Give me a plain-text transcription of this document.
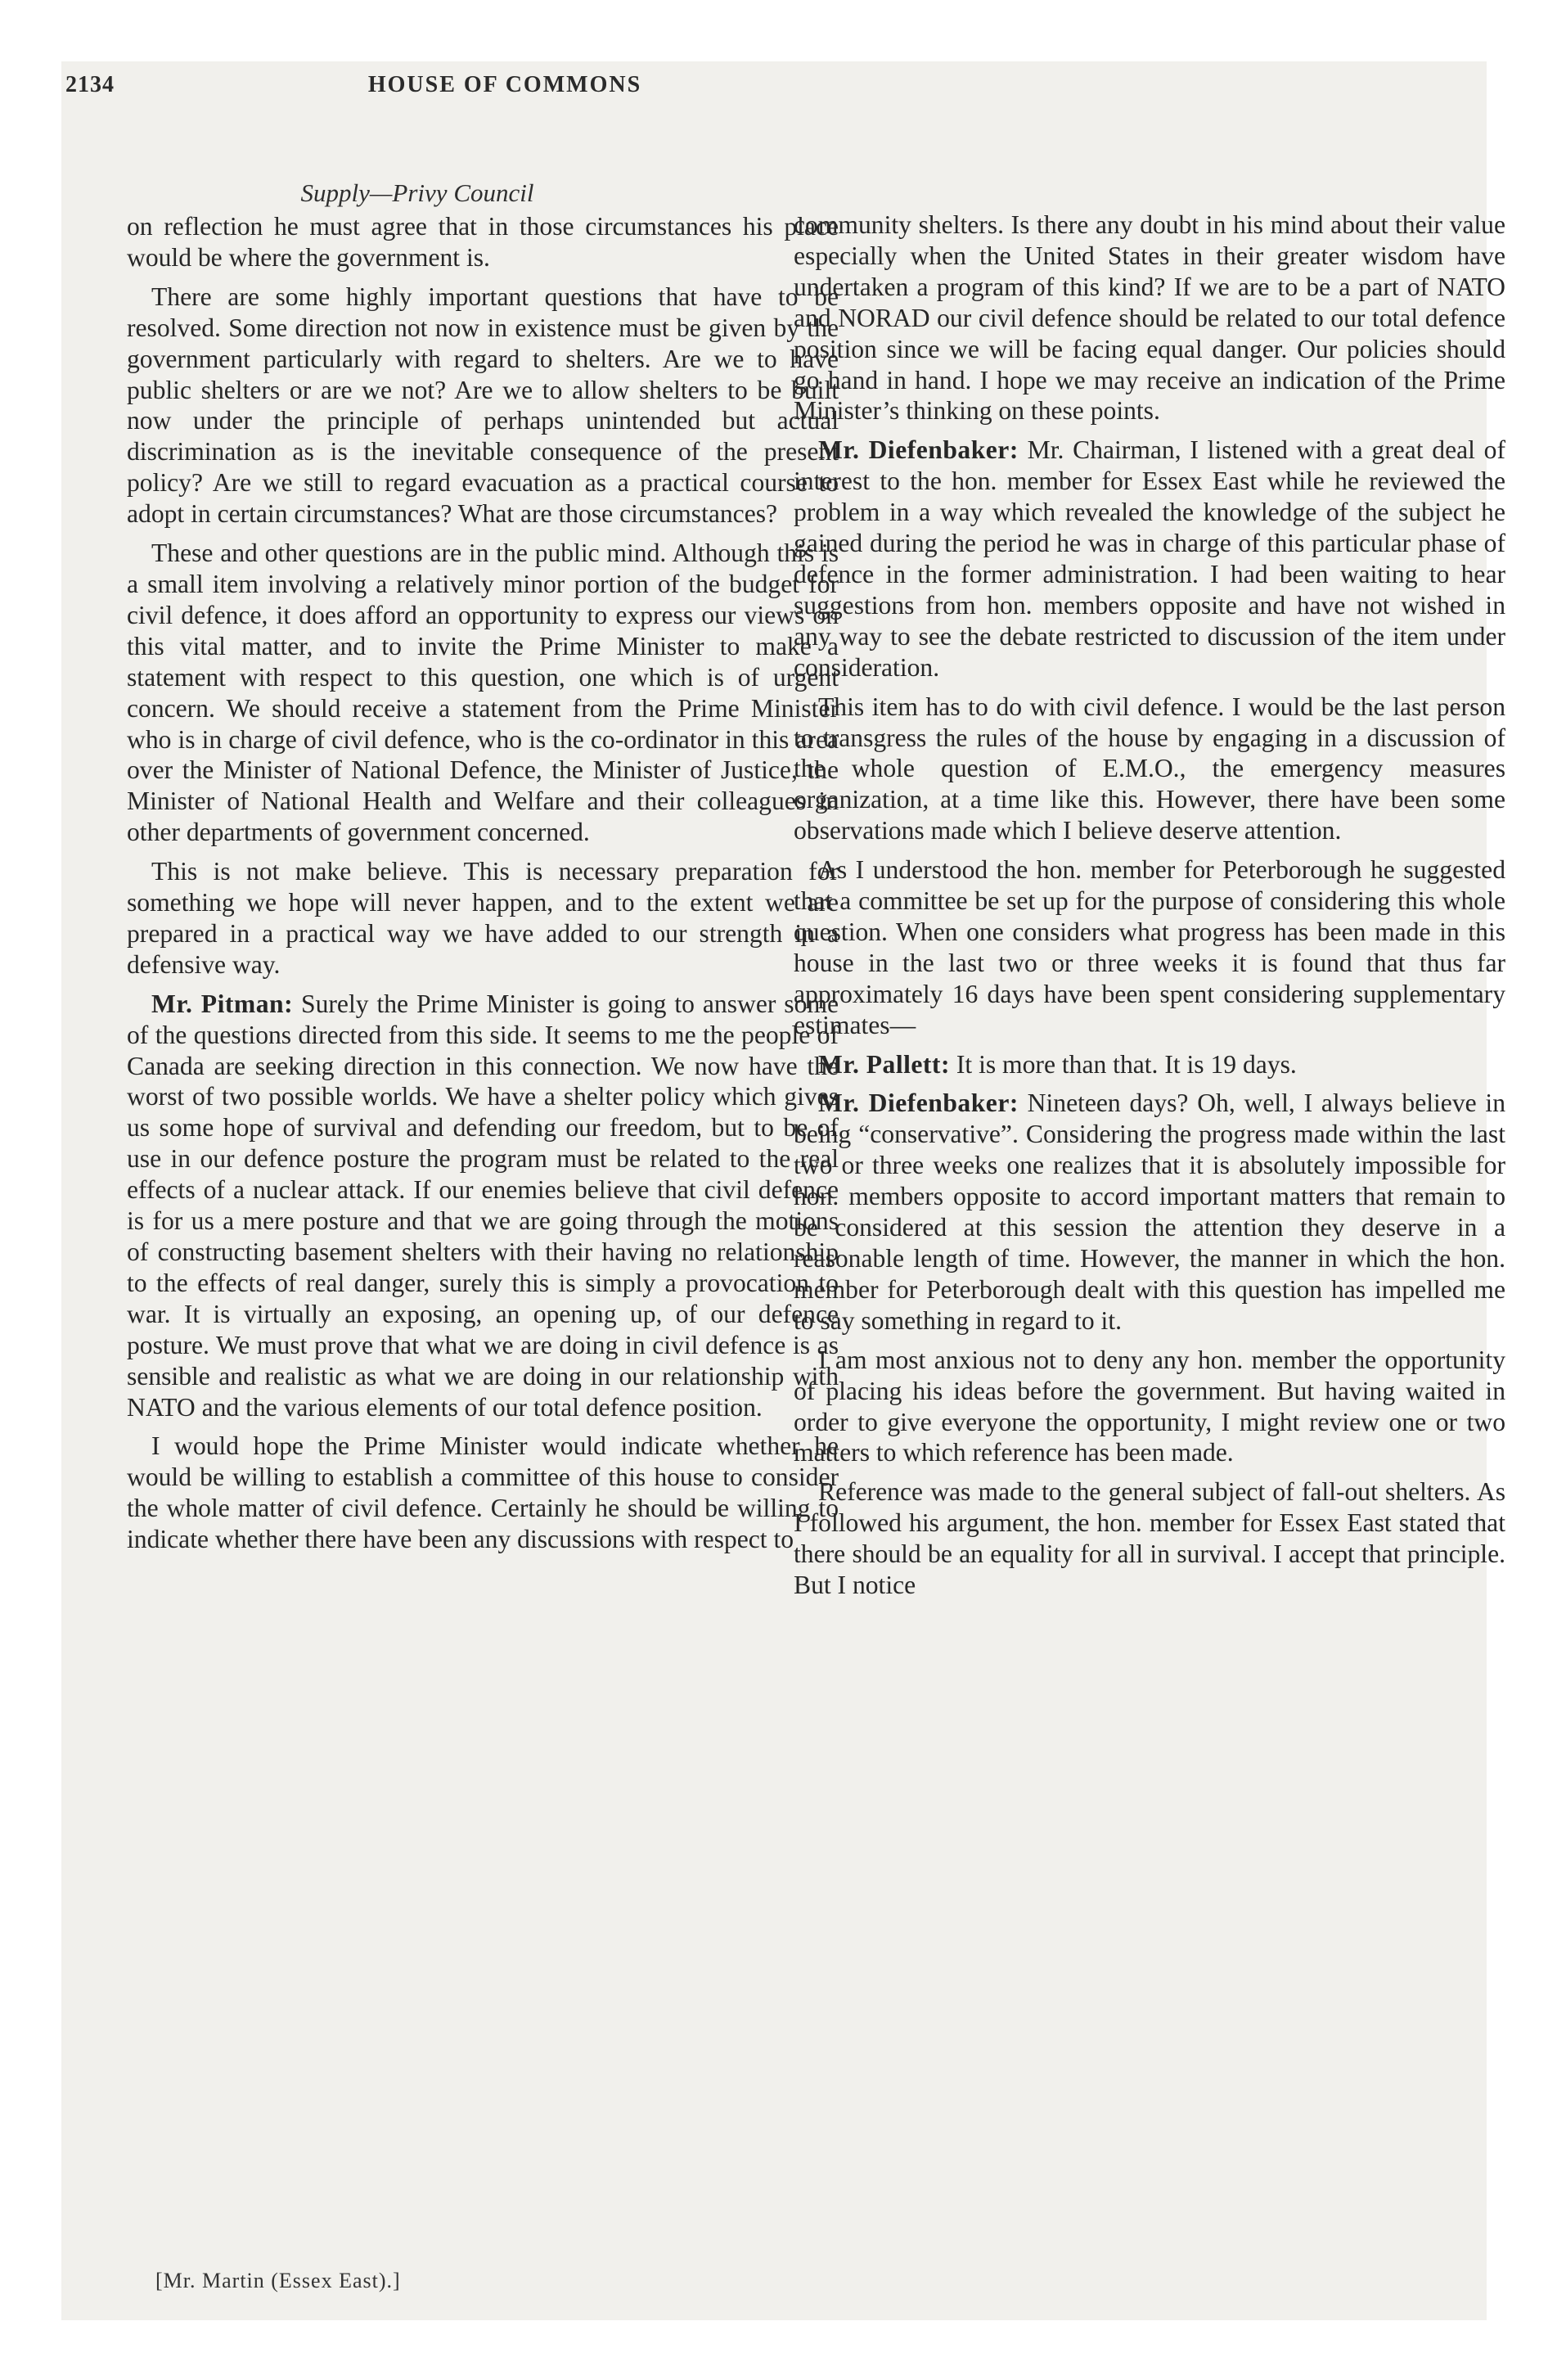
2134	HOUSE OF COMMONS
Supply—Privy Council

on reflection he must agree that in those circumstances his place would be where the government is.

There are some highly important questions that have to be resolved. Some direction not now in existence must be given by the government particularly with regard to shelters. Are we to have public shelters or are we not? Are we to allow shelters to be built now under the principle of perhaps unintended but actual discrimination as is the inevitable consequence of the present policy? Are we still to regard evacuation as a practical course to adopt in certain circumstances? What are those circumstances?

These and other questions are in the public mind. Although this is a small item involving a relatively minor portion of the budget for civil defence, it does afford an opportunity to express our views on this vital matter, and to invite the Prime Minister to make a statement with respect to this question, one which is of urgent concern. We should receive a statement from the Prime Minister who is in charge of civil defence, who is the co-ordinator in this area over the Minister of National Defence, the Minister of Justice, the Minister of National Health and Welfare and their colleagues in other departments of government concerned.

This is not make believe. This is necessary preparation for something we hope will never happen, and to the extent we are prepared in a practical way we have added to our strength in a defensive way.

Mr. Pitman: Surely the Prime Minister is going to answer some of the questions directed from this side. It seems to me the people of Canada are seeking direction in this connection. We now have the worst of two possible worlds. We have a shelter policy which gives us some hope of survival and defending our freedom, but to be of use in our defence posture the program must be related to the real effects of a nuclear attack. If our enemies believe that civil defence is for us a mere posture and that we are going through the motions of constructing basement shelters with their having no relationship to the effects of real danger, surely this is simply a provocation to war. It is virtually an exposing, an opening up, of our defence posture. We must prove that what we are doing in civil defence is as sensible and realistic as what we are doing in our relationship with NATO and the various elements of our total defence position.

I would hope the Prime Minister would indicate whether he would be willing to establish a committee of this house to consider the whole matter of civil defence. Certainly he should be willing to indicate whether there have been any discussions with respect to

community shelters. Is there any doubt in his mind about their value especially when the United States in their greater wisdom have undertaken a program of this kind? If we are to be a part of NATO and NORAD our civil defence should be related to our total defence position since we will be facing equal danger. Our policies should go hand in hand. I hope we may receive an indication of the Prime Minister’s thinking on these points.

Mr. Diefenbaker: Mr. Chairman, I listened with a great deal of interest to the hon. member for Essex East while he reviewed the problem in a way which revealed the knowledge of the subject he gained during the period he was in charge of this particular phase of defence in the former administration. I had been waiting to hear suggestions from hon. members opposite and have not wished in any way to see the debate restricted to discussion of the item under consideration.

This item has to do with civil defence. I would be the last person to transgress the rules of the house by engaging in a discussion of the whole question of E.M.O., the emergency measures organization, at a time like this. However, there have been some observations made which I believe deserve attention.

As I understood the hon. member for Peterborough he suggested that a committee be set up for the purpose of considering this whole question. When one considers what progress has been made in this house in the last two or three weeks it is found that thus far approximately 16 days have been spent considering supplementary estimates—

Mr. Pallett: It is more than that. It is 19 days.

Mr. Diefenbaker: Nineteen days? Oh, well, I always believe in being “conservative”. Considering the progress made within the last two or three weeks one realizes that it is absolutely impossible for hon. members opposite to accord important matters that remain to be considered at this session the attention they deserve in a reasonable length of time. However, the manner in which the hon. member for Peterborough dealt with this question has impelled me to say something in regard to it.

I am most anxious not to deny any hon. member the opportunity of placing his ideas before the government. But having waited in order to give everyone the opportunity, I might review one or two matters to which reference has been made.

Reference was made to the general subject of fall-out shelters. As I followed his argument, the hon. member for Essex East stated that there should be an equality for all in survival. I accept that principle. But I notice

[Mr. Martin (Essex East).]
